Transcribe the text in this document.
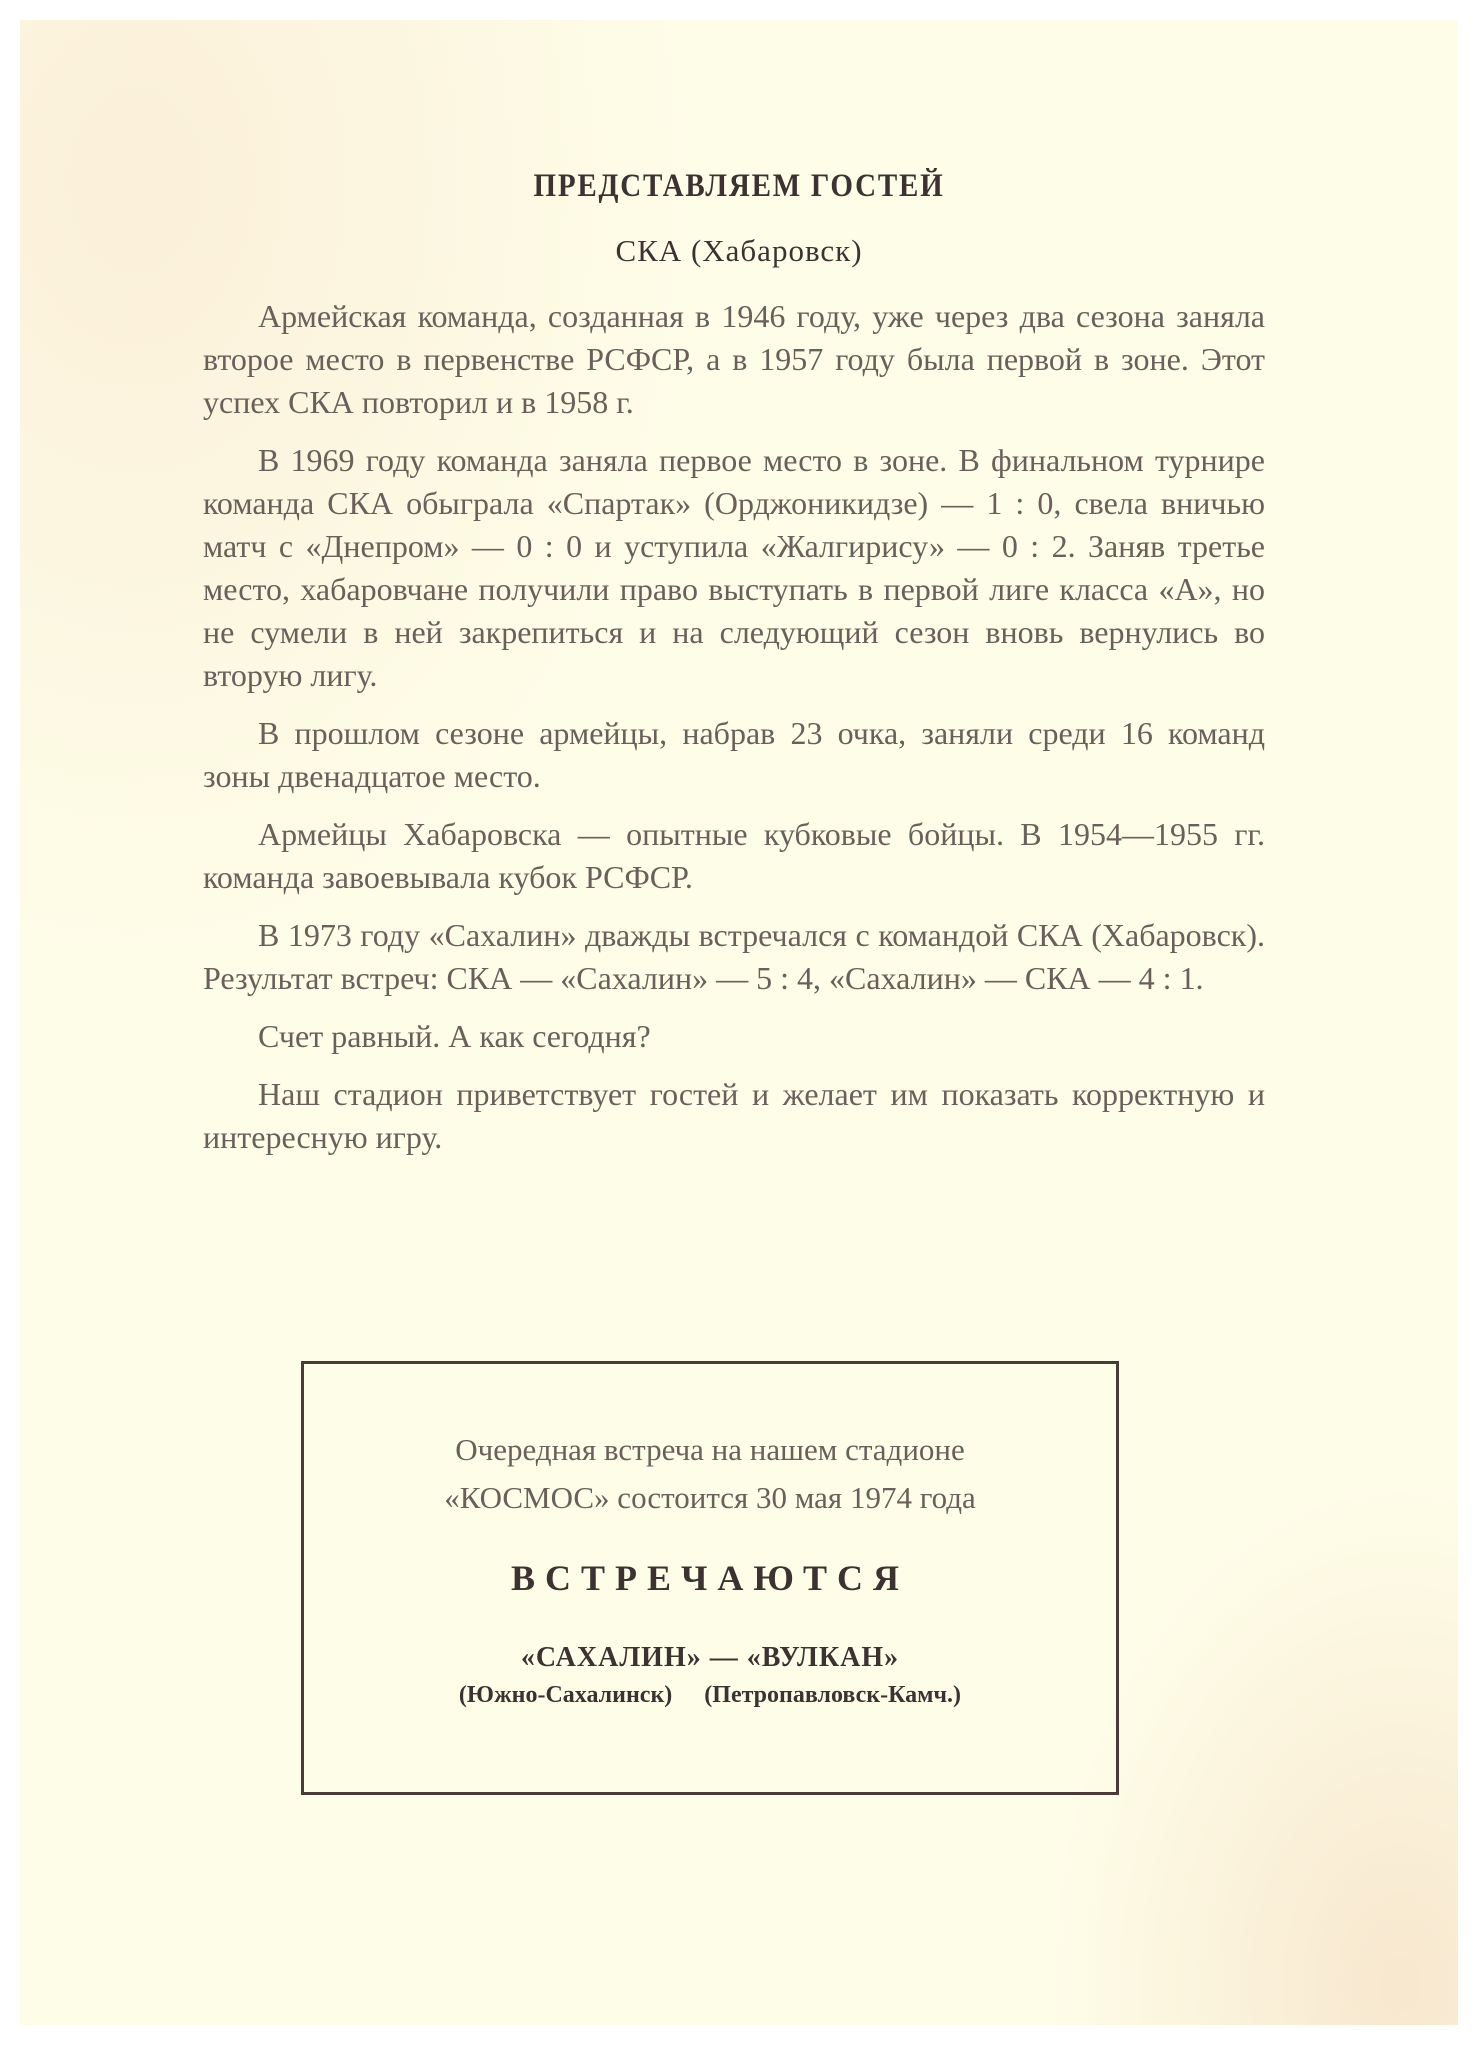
ПРЕДСТАВЛЯЕМ ГОСТЕЙ
СКА (Хабаровск)

Армейская команда, созданная в 1946 году, уже через два сезона заняла второе место в первенстве РСФСР, а в 1957 году была первой в зоне. Этот успех СКА повторил и в 1958 г.

В 1969 году команда заняла первое место в зоне. В финальном турнире команда СКА обыграла «Спартак» (Орджоникидзе) — 1 : 0, свела вничью матч с «Днепром» — 0 : 0 и уступила «Жалгирису» — 0 : 2. Заняв третье место, хабаровчане получили право выступать в первой лиге класса «А», но не сумели в ней закрепиться и на следующий сезон вновь вернулись во вторую лигу.

В прошлом сезоне армейцы, набрав 23 очка, заняли среди 16 команд зоны двенадцатое место.

Армейцы Хабаровска — опытные кубковые бойцы. В 1954—1955 гг. команда завоевывала кубок РСФСР.

В 1973 году «Сахалин» дважды встречался с командой СКА (Хабаровск). Результат встреч: СКА — «Сахалин» — 5 : 4, «Сахалин» — СКА — 4 : 1.

Счет равный. А как сегодня?

Наш стадион приветствует гостей и желает им показать корректную и интересную игру.

Очередная встреча на нашем стадионе
«КОСМОС» состоится 30 мая 1974 года
ВСТРЕЧАЮТСЯ
«САХАЛИН» — «ВУЛКАН»
(Южно-Сахалинск) (Петропавловск-Камч.)
